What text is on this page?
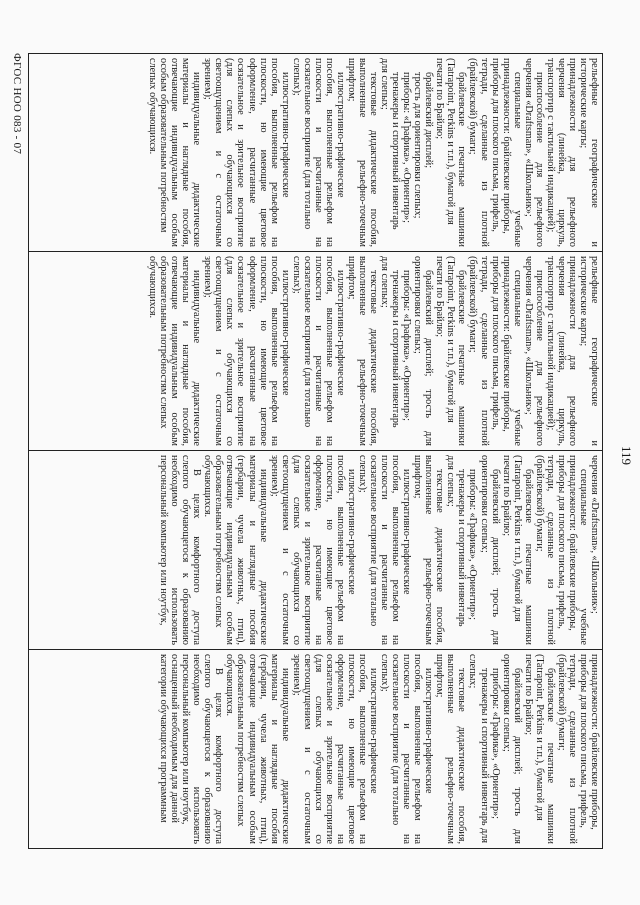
119
рельефные географические и
исторические карты;
принадлежности для рельефного
черчения (линейка, циркуль,
транспортир с тактильной индикацией);
приспособление для рельефного
черчения «Draftsman», «Школьник»;
специальные учебные
принадлежности: брайлевские приборы,
приборы для плоского письма, грифель,
тетради, сделанные из плотной
(брайлевской) бумаги;
брайлевские печатные машинки
(Tatrapoint, Perkins и т.п.), бумагой для
печати по Брайлю;
брайлевский дисплей;
трость для ориентировки слепых;
приборы: «Графика», «Ориентир»;
тренажеры и спортивный инвентарь
для слепых;
текстовые дидактические пособия,
выполненные рельефно-точечным
шрифтом;
иллюстративно-графические
пособия, выполненные рельефом на
плоскости и расчитанные на
осязательное восприятие (для тотально
слепых);
иллюстративно-графические
пособия, выполненные рельефом на
плоскости, но имеющие цветовое
оформление, расчитанные на
осязательное и зрительное восприятие
(для слепых обучающихся со
светоощущением и с остаточным
зрением);
индивидуальные дидактические
материалы и наглядные пособия,
отвечающие индивидуальным особым
особым образовательным потребностям
слепых обучающихся.

рельефные географические и
исторические карты;
принадлежности для рельефного
черчения (линейка, циркуль,
транспортир с тактильной индикацией);
приспособление для рельефного
черчения «Draftsman», «Школьник»;
специальные учебные
принадлежности: брайлевские приборы,
приборы для плоского письма, грифель,
тетради, сделанные из плотной
(брайлевской) бумаги;
брайлевские печатные машинки
(Tatrapoint, Perkins и т.п.), бумагой для
печати по Брайлю;
брайлевский дисплей; трость для
ориентировки слепых;
приборы: «Графика», «Ориентир»;
тренажеры и спортивный инвентарь
для слепых;
текстовые дидактические пособия,
выполненные рельефно-точечным
шрифтом;
иллюстративно-графические
пособия, выполненные рельефом на
плоскости и расчитанные на
осязательное восприятие (для тотально
слепых);
иллюстративно-графические
пособия, выполненные рельефом на
плоскости, но имеющие цветовое
оформление, расчитанные на
осязательное и зрительное восприятие
(для слепых обучающихся со
светоощущением и с остаточным
зрением);
индивидуальные дидактические
материалы и наглядные пособия,
отвечающие индивидуальным особым
образовательным потребностям слепых
обучающихся.

черчения «Draftsman», «Школьник»;
специальные учебные
принадлежности: брайлевские приборы,
приборы для плоского письма, грифель,
тетради, сделанные из плотной
(брайлевской) бумаги;
брайлевские печатные машинки
(Tatrapoint, Perkins и т.п.), бумагой для
печати по Брайлю;
брайлевский дисплей; трость для
ориентировки слепых;
приборы: «Графика», «Ориентир»;
тренажеры и спортивный инвентарь
для слепых;
текстовые дидактические пособия,
выполненные рельефно-точечным
шрифтом;
иллюстративно-графические
пособия, выполненные рельефом на
плоскости и расчитанные на
осязательное восприятие (для тотально
слепых);
иллюстративно-графические
пособия, выполненные рельефом на
плоскости, но имеющие цветовое
оформление, расчитанные на
осязательное и зрительное восприятие
(для слепых обучающихся со
светоощущением и с остаточным
зрением);
индивидуальные дидактические
материалы и наглядные пособия
(гербарии, чучела животных, птиц),
отвечающие индивидуальным особым
образовательным потребностям слепых
обучающихся.
В целях комфортного доступа
слепого обучающегося к образованию
необходимо использовать
персональный компьютер или ноутбук,

принадлежности: брайлевские приборы,
приборы для плоского письма, грифель,
тетради, сделанные из плотной
(брайлевской) бумаги;
брайлевские печатные машинки
(Tatrapoint, Perkins и т.п.), бумагой для
печати по Брайлю;
брайлевский дисплей; трость для
ориентировки слепых;
приборы: «Графика», «Ориентир»;
тренажеры и спортивный инвентарь для
слепых;
текстовые дидактические пособия,
выполненные рельефно-точечным
шрифтом;
иллюстративно-графические
пособия, выполненные рельефом на
плоскости и расчитанные на
осязательное восприятие (для тотально
слепых);
иллюстративно-графические
пособия, выполненные рельефом на
плоскости, но имеющие цветовое
оформление, расчитанные на
осязательное и зрительное восприятие
(для слепых обучающихся со
светоощущением и с остаточным
зрением);
индивидуальные дидактические
материалы и наглядные пособия
(гербарии, чучела животных, птиц),
отвечающие индивидуальным особым
образовательным потребностям слепых
обучающихся.
В целях комфортного доступа
слепого обучающегося к образованию
необходимо использовать
персональный компьютер или ноутбук,
оснащенный необходимым для данной
категории обучающихся программным
ФГОС НОО 083 - 07
